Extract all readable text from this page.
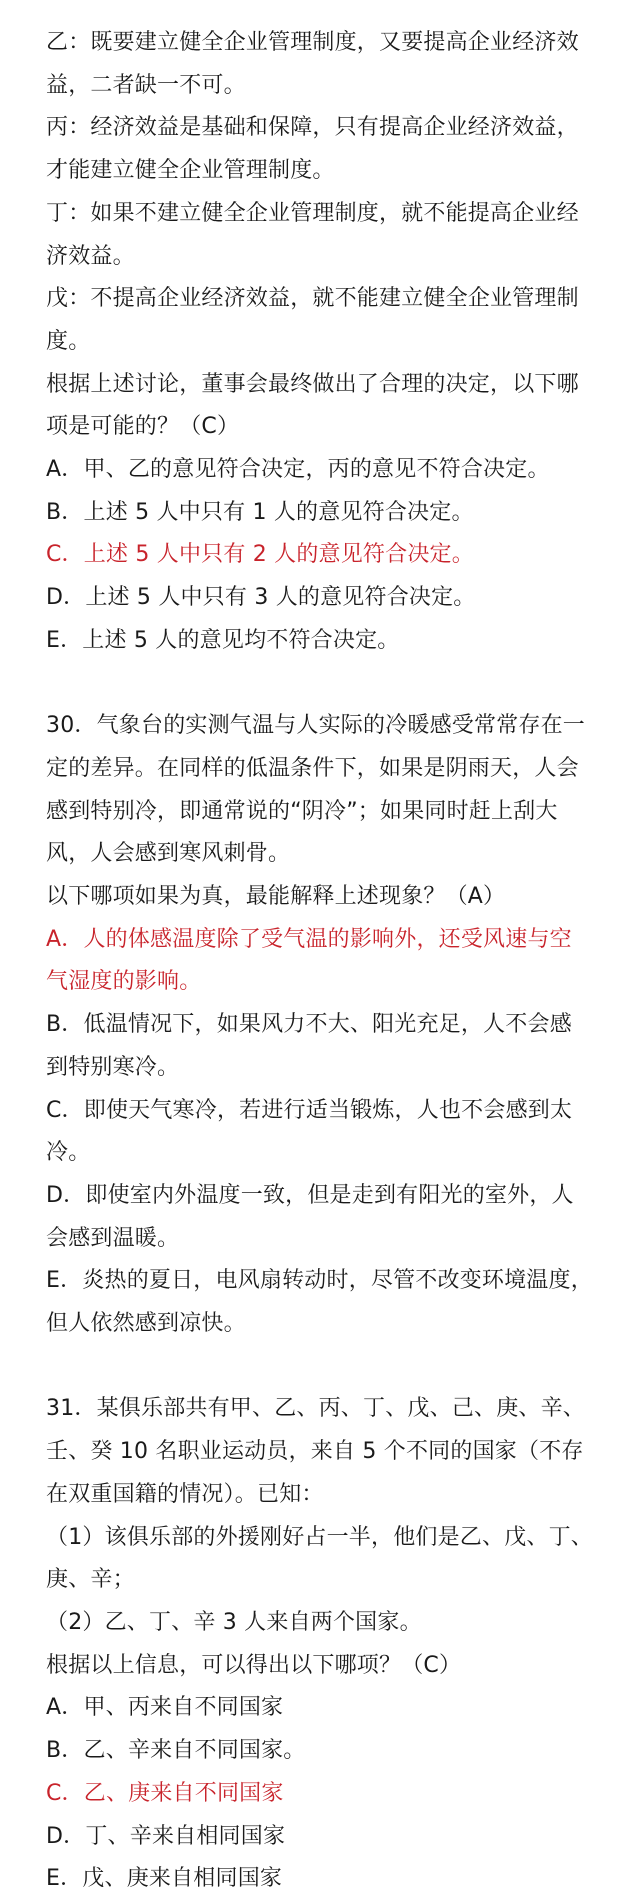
乙：既要建立健全企业管理制度，又要提高企业经济效益，二者缺一不可。

丙：经济效益是基础和保障，只有提高企业经济效益，才能建立健全企业管理制度。

丁：如果不建立健全企业管理制度，就不能提高企业经济效益。

戊：不提高企业经济效益，就不能建立健全企业管理制度。

根据上述讨论，董事会最终做出了合理的决定，以下哪项是可能的？（C）

A．甲、乙的意见符合决定，丙的意见不符合决定。

B．上述 5 人中只有 1 人的意见符合决定。

C．上述 5 人中只有 2 人的意见符合决定。

D．上述 5 人中只有 3 人的意见符合决定。

E．上述 5 人的意见均不符合决定。

30．气象台的实测气温与人实际的冷暖感受常常存在一定的差异。在同样的低温条件下，如果是阴雨天，人会感到特别冷，即通常说的“阴冷”；如果同时赶上刮大风，人会感到寒风刺骨。

以下哪项如果为真，最能解释上述现象？（A）

A．人的体感温度除了受气温的影响外，还受风速与空气湿度的影响。

B．低温情况下，如果风力不大、阳光充足，人不会感到特别寒冷。

C．即使天气寒冷，若进行适当锻炼，人也不会感到太冷。

D．即使室内外温度一致，但是走到有阳光的室外，人会感到温暖。

E．炎热的夏日，电风扇转动时，尽管不改变环境温度，但人依然感到凉快。

31．某俱乐部共有甲、乙、丙、丁、戊、己、庚、辛、壬、癸 10 名职业运动员，来自 5 个不同的国家（不存在双重国籍的情况）。已知：

（1）该俱乐部的外援刚好占一半，他们是乙、戊、丁、庚、辛；

（2）乙、丁、辛 3 人来自两个国家。

根据以上信息，可以得出以下哪项？（C）

A．甲、丙来自不同国家

B．乙、辛来自不同国家。

C．乙、庚来自不同国家

D．丁、辛来自相同国家

E．戊、庚来自相同国家
